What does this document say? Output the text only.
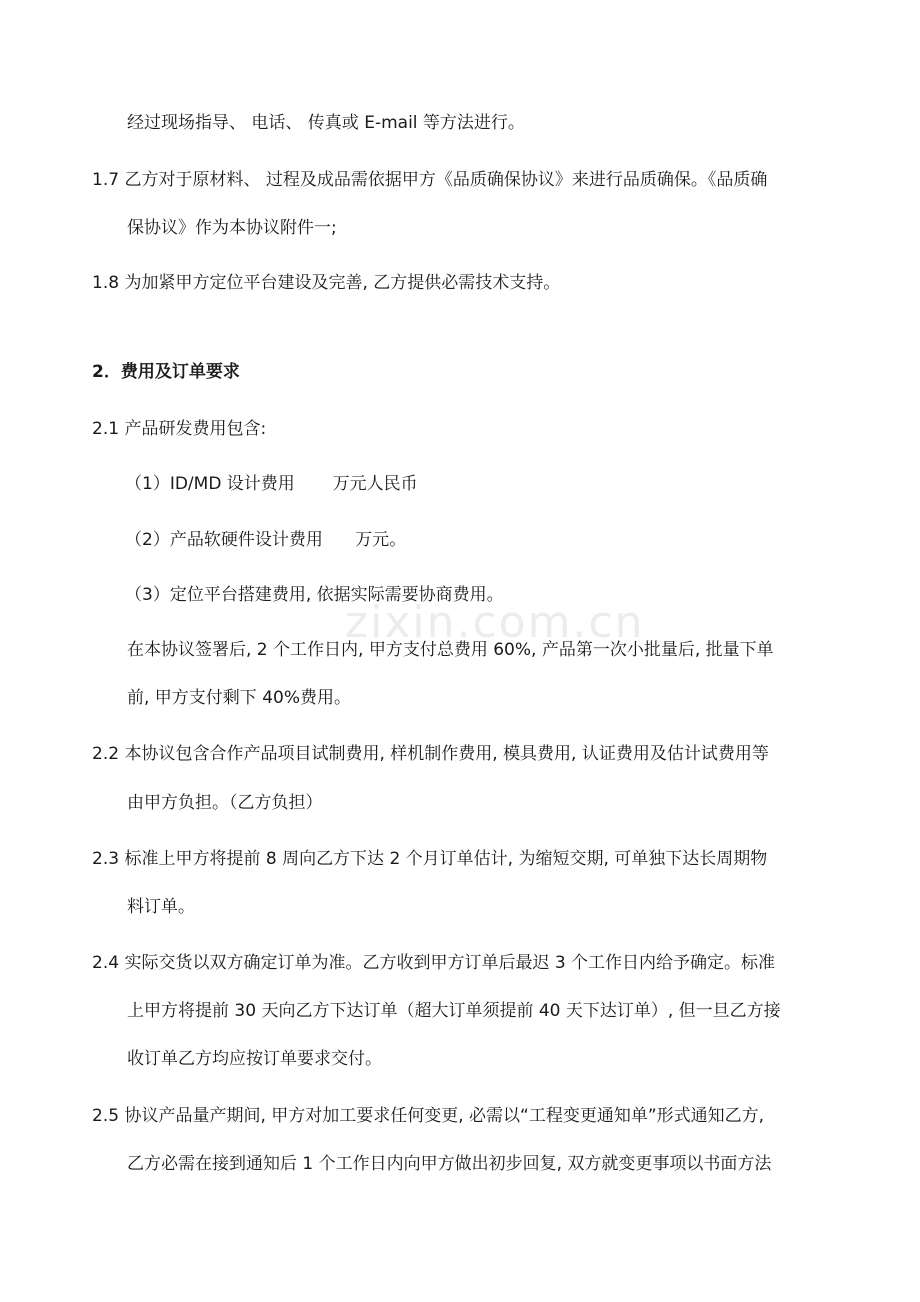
zixin.com.cn
经过现场指导、 电话、 传真或 E-mail 等方法进行。
1.7 乙方对于原材料、 过程及成品需依据甲方《品质确保协议》来进行品质确保。《品质确
保协议》作为本协议附件一;
1.8 为加紧甲方定位平台建设及完善, 乙方提供必需技术支持。
2．费用及订单要求
2.1 产品研发费用包含:
（1）ID/MD 设计费用       万元人民币
（2）产品软硬件设计费用      万元。
（3）定位平台搭建费用, 依据实际需要协商费用。
在本协议签署后, 2 个工作日内, 甲方支付总费用 60%, 产品第一次小批量后, 批量下单
前, 甲方支付剩下 40%费用。
2.2 本协议包含合作产品项目试制费用, 样机制作费用, 模具费用, 认证费用及估计试费用等
由甲方负担。（乙方负担）
2.3 标准上甲方将提前 8 周向乙方下达 2 个月订单估计, 为缩短交期, 可单独下达长周期物
料订单。
2.4 实际交货以双方确定订单为准。乙方收到甲方订单后最迟 3 个工作日内给予确定。标准
上甲方将提前 30 天向乙方下达订单（超大订单须提前 40 天下达订单）, 但一旦乙方接
收订单乙方均应按订单要求交付。
2.5 协议产品量产期间, 甲方对加工要求任何变更, 必需以“工程变更通知单”形式通知乙方,
乙方必需在接到通知后 1 个工作日内向甲方做出初步回复, 双方就变更事项以书面方法
